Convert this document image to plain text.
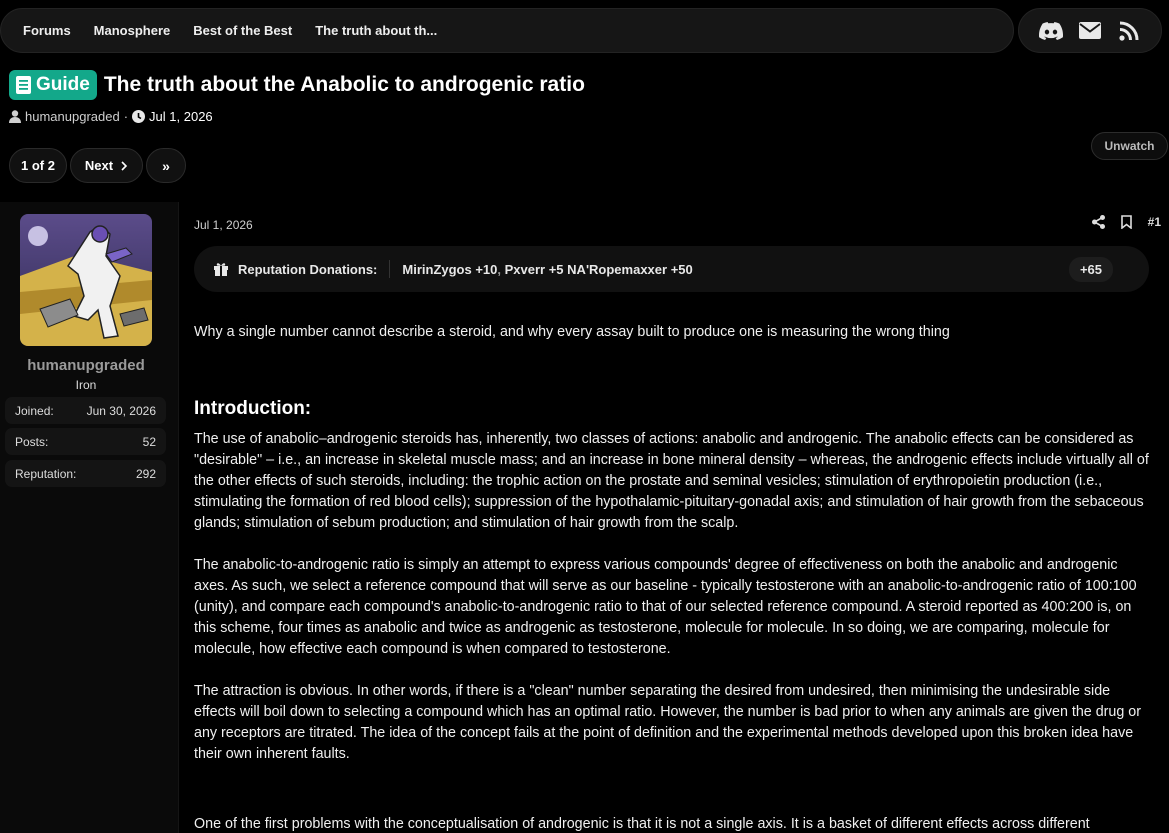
Forums Manosphere Best of the Best The truth about th...
Guide The truth about the Anabolic to androgenic ratio
humanupgraded · Jul 1, 2026
1 of 2	Next	»
Unwatch
humanupgraded
Iron
Joined:	Jun 30, 2026
Posts:	52
Reputation:	292
Jul 1, 2026	#1
Reputation Donations: MirinZygos +10, Pxverr +5 NA'Ropemaxxer +50	+65

Why a single number cannot describe a steroid, and why every assay built to produce one is measuring the wrong thing

Introduction:

The use of anabolic–androgenic steroids has, inherently, two classes of actions: anabolic and androgenic. The anabolic effects can be considered as "desirable" – i.e., an increase in skeletal muscle mass; and an increase in bone mineral density – whereas, the androgenic effects include virtually all of the other effects of such steroids, including: the trophic action on the prostate and seminal vesicles; stimulation of erythropoietin production (i.e., stimulating the formation of red blood cells); suppression of the hypothalamic-pituitary-gonadal axis; and stimulation of hair growth from the sebaceous glands; stimulation of sebum production; and stimulation of hair growth from the scalp.

The anabolic-to-androgenic ratio is simply an attempt to express various compounds' degree of effectiveness on both the anabolic and androgenic axes. As such, we select a reference compound that will serve as our baseline - typically testosterone with an anabolic-to-androgenic ratio of 100:100 (unity), and compare each compound's anabolic-to-androgenic ratio to that of our selected reference compound. A steroid reported as 400:200 is, on this scheme, four times as anabolic and twice as androgenic as testosterone, molecule for molecule. In so doing, we are comparing, molecule for molecule, how effective each compound is when compared to testosterone.

The attraction is obvious. In other words, if there is a "clean" number separating the desired from undesired, then minimising the undesirable side effects will boil down to selecting a compound which has an optimal ratio. However, the number is bad prior to when any animals are given the drug or any receptors are titrated. The idea of the concept fails at the point of definition and the experimental methods developed upon this broken idea have their own inherent faults.

One of the first problems with the conceptualisation of androgenic is that it is not a single axis. It is a basket of different effects across different
